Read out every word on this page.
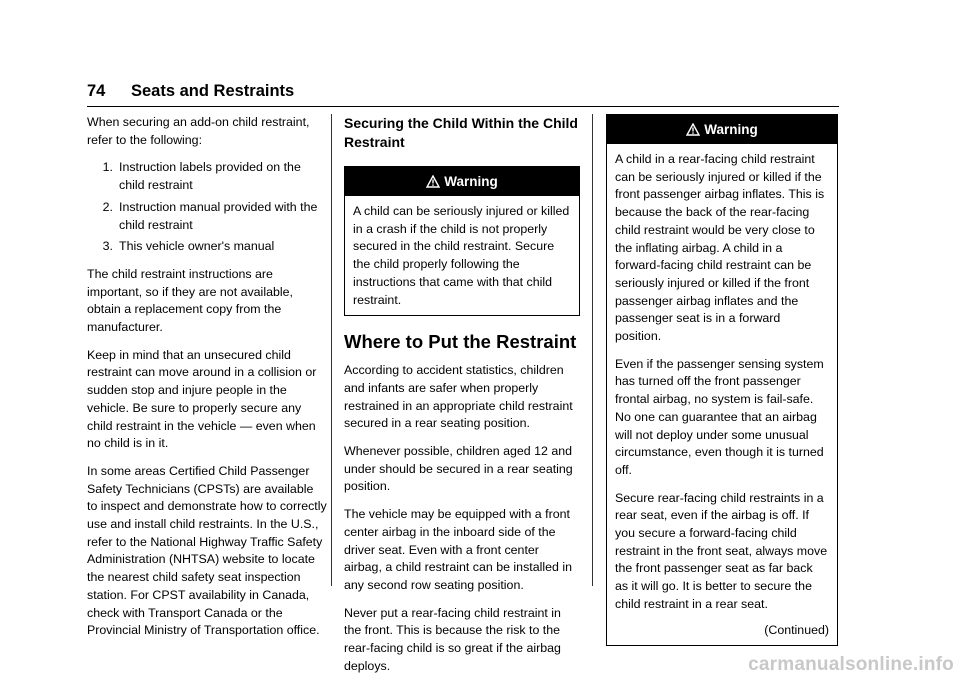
74 Seats and Restraints

When securing an add-on child restraint, refer to the following:

1. Instruction labels provided on the child restraint
2. Instruction manual provided with the child restraint
3. This vehicle owner's manual

The child restraint instructions are important, so if they are not available, obtain a replacement copy from the manufacturer.

Keep in mind that an unsecured child restraint can move around in a collision or sudden stop and injure people in the vehicle. Be sure to properly secure any child restraint in the vehicle — even when no child is in it.

In some areas Certified Child Passenger Safety Technicians (CPSTs) are available to inspect and demonstrate how to correctly use and install child restraints. In the U.S., refer to the National Highway Traffic Safety Administration (NHTSA) website to locate the nearest child safety seat inspection station. For CPST availability in Canada, check with Transport Canada or the Provincial Ministry of Transportation office.

Securing the Child Within the Child Restraint
Warning

A child can be seriously injured or killed in a crash if the child is not properly secured in the child restraint. Secure the child properly following the instructions that came with that child restraint.

Where to Put the Restraint

According to accident statistics, children and infants are safer when properly restrained in an appropriate child restraint secured in a rear seating position.

Whenever possible, children aged 12 and under should be secured in a rear seating position.

The vehicle may be equipped with a front center airbag in the inboard side of the driver seat. Even with a front center airbag, a child restraint can be installed in any second row seating position.

Never put a rear-facing child restraint in the front. This is because the risk to the rear-facing child is so great if the airbag deploys.

Warning

A child in a rear-facing child restraint can be seriously injured or killed if the front passenger airbag inflates. This is because the back of the rear-facing child restraint would be very close to the inflating airbag. A child in a forward-facing child restraint can be seriously injured or killed if the front passenger airbag inflates and the passenger seat is in a forward position.

Even if the passenger sensing system has turned off the front passenger frontal airbag, no system is fail-safe. No one can guarantee that an airbag will not deploy under some unusual circumstance, even though it is turned off.

Secure rear-facing child restraints in a rear seat, even if the airbag is off. If you secure a forward-facing child restraint in the front seat, always move the front passenger seat as far back as it will go. It is better to secure the child restraint in a rear seat.

(Continued)
carmanualsonline.info
